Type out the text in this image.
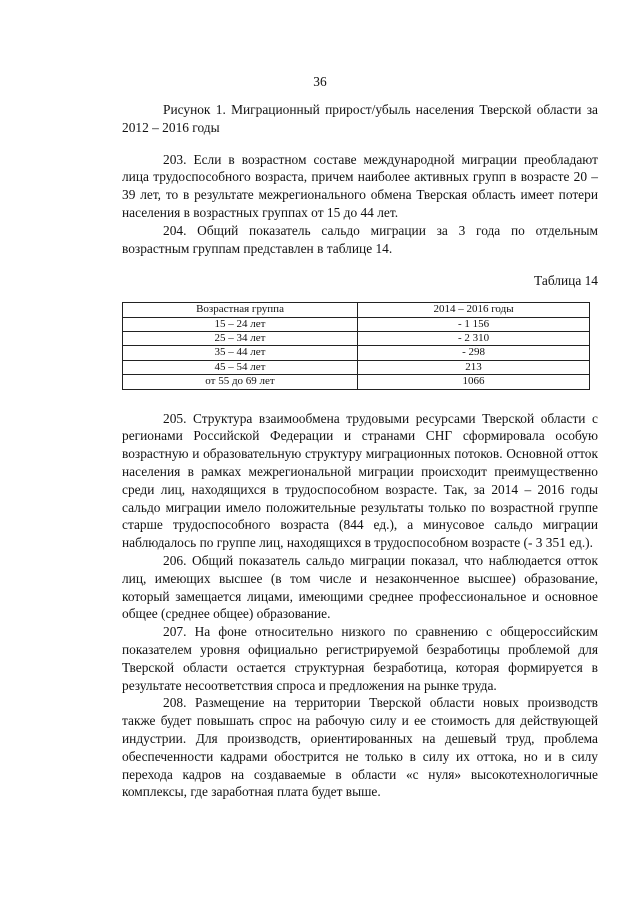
36

Рисунок 1. Миграционный прирост/убыль населения Тверской области за 2012 – 2016 годы

203. Если в возрастном составе международной миграции преобладают лица трудоспособного возраста, причем наиболее активных групп в возрасте 20 – 39 лет, то в результате межрегионального обмена Тверская область имеет потери населения в возрастных группах от 15 до 44 лет.

204. Общий показатель сальдо миграции за 3 года по отдельным возрастным группам представлен в таблице 14.

Таблица 14

Возрастная группа	2014 – 2016 годы
15 – 24 лет	- 1 156
25 – 34 лет	- 2 310
35 – 44 лет	- 298
45 – 54 лет	213
от 55 до 69 лет	1066

205. Структура взаимообмена трудовыми ресурсами Тверской области с регионами Российской Федерации и странами СНГ сформировала особую возрастную и образовательную структуру миграционных потоков. Основной отток населения в рамках межрегиональной миграции происходит преимущественно среди лиц, находящихся в трудоспособном возрасте. Так, за 2014 – 2016 годы сальдо миграции имело положительные результаты только по возрастной группе старше трудоспособного возраста (844 ед.), а минусовое сальдо миграции наблюдалось по группе лиц, находящихся в трудоспособном возрасте (- 3 351 ед.).

206. Общий показатель сальдо миграции показал, что наблюдается отток лиц, имеющих высшее (в том числе и незаконченное высшее) образование, который замещается лицами, имеющими среднее профессиональное и основное общее (среднее общее) образование.

207. На фоне относительно низкого по сравнению с общероссийским показателем уровня официально регистрируемой безработицы проблемой для Тверской области остается структурная безработица, которая формируется в результате несоответствия спроса и предложения на рынке труда.

208. Размещение на территории Тверской области новых производств также будет повышать спрос на рабочую силу и ее стоимость для действующей индустрии. Для производств, ориентированных на дешевый труд, проблема обеспеченности кадрами обострится не только в силу их оттока, но и в силу перехода кадров на создаваемые в области «с нуля» высокотехнологичные комплексы, где заработная плата будет выше.
